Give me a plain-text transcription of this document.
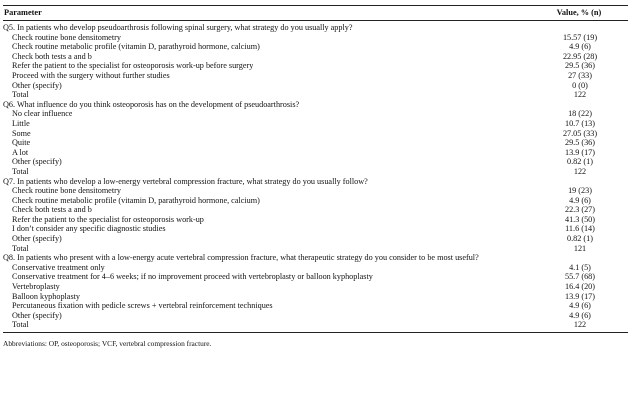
Parameter	Value, % (n)
Q5. In patients who develop pseudoarthrosis following spinal surgery, what strategy do you usually apply?
Check routine bone densitometry	15.57 (19)
Check routine metabolic profile (vitamin D, parathyroid hormone, calcium)	4.9 (6)
Check both tests a and b	22.95 (28)
Refer the patient to the specialist for osteoporosis work-up before surgery	29.5 (36)
Proceed with the surgery without further studies	27 (33)
Other (specify)	0 (0)
Total	122
Q6. What influence do you think osteoporosis has on the development of pseudoarthrosis?
No clear influence	18 (22)
Little	10.7 (13)
Some	27.05 (33)
Quite	29.5 (36)
A lot	13.9 (17)
Other (specify)	0.82 (1)
Total	122
Q7. In patients who develop a low-energy vertebral compression fracture, what strategy do you usually follow?
Check routine bone densitometry	19 (23)
Check routine metabolic profile (vitamin D, parathyroid hormone, calcium)	4.9 (6)
Check both tests a and b	22.3 (27)
Refer the patient to the specialist for osteoporosis work-up	41.3 (50)
I don’t consider any specific diagnostic studies	11.6 (14)
Other (specify)	0.82 (1)
Total	121
Q8. In patients who present with a low-energy acute vertebral compression fracture, what therapeutic strategy do you consider to be most useful?
Conservative treatment only	4.1 (5)
Conservative treatment for 4–6 weeks; if no improvement proceed with vertebroplasty or balloon kyphoplasty	55.7 (68)
Vertebroplasty	16.4 (20)
Balloon kyphoplasty	13.9 (17)
Percutaneous fixation with pedicle screws + vertebral reinforcement techniques	4.9 (6)
Other (specify)	4.9 (6)
Total	122
Abbreviations: OP, osteoporosis; VCF, vertebral compression fracture.
